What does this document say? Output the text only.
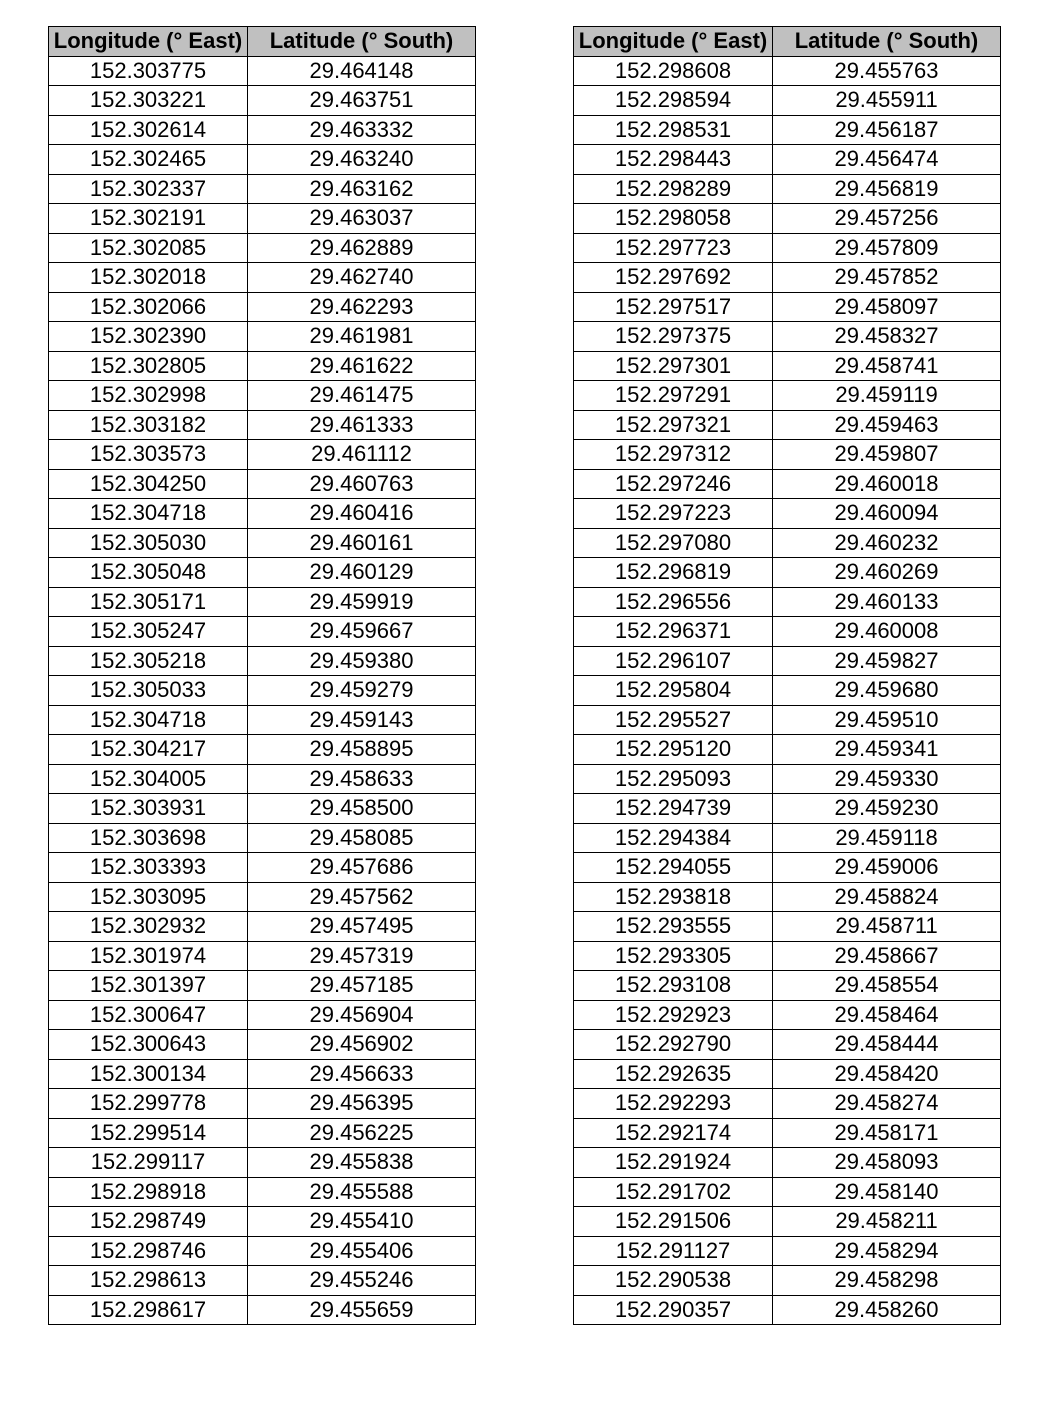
Longitude (° East)	Latitude (° South)
152.303775	29.464148
152.303221	29.463751
152.302614	29.463332
152.302465	29.463240
152.302337	29.463162
152.302191	29.463037
152.302085	29.462889
152.302018	29.462740
152.302066	29.462293
152.302390	29.461981
152.302805	29.461622
152.302998	29.461475
152.303182	29.461333
152.303573	29.461112
152.304250	29.460763
152.304718	29.460416
152.305030	29.460161
152.305048	29.460129
152.305171	29.459919
152.305247	29.459667
152.305218	29.459380
152.305033	29.459279
152.304718	29.459143
152.304217	29.458895
152.304005	29.458633
152.303931	29.458500
152.303698	29.458085
152.303393	29.457686
152.303095	29.457562
152.302932	29.457495
152.301974	29.457319
152.301397	29.457185
152.300647	29.456904
152.300643	29.456902
152.300134	29.456633
152.299778	29.456395
152.299514	29.456225
152.299117	29.455838
152.298918	29.455588
152.298749	29.455410
152.298746	29.455406
152.298613	29.455246
152.298617	29.455659
Longitude (° East)	Latitude (° South)
152.298608	29.455763
152.298594	29.455911
152.298531	29.456187
152.298443	29.456474
152.298289	29.456819
152.298058	29.457256
152.297723	29.457809
152.297692	29.457852
152.297517	29.458097
152.297375	29.458327
152.297301	29.458741
152.297291	29.459119
152.297321	29.459463
152.297312	29.459807
152.297246	29.460018
152.297223	29.460094
152.297080	29.460232
152.296819	29.460269
152.296556	29.460133
152.296371	29.460008
152.296107	29.459827
152.295804	29.459680
152.295527	29.459510
152.295120	29.459341
152.295093	29.459330
152.294739	29.459230
152.294384	29.459118
152.294055	29.459006
152.293818	29.458824
152.293555	29.458711
152.293305	29.458667
152.293108	29.458554
152.292923	29.458464
152.292790	29.458444
152.292635	29.458420
152.292293	29.458274
152.292174	29.458171
152.291924	29.458093
152.291702	29.458140
152.291506	29.458211
152.291127	29.458294
152.290538	29.458298
152.290357	29.458260
